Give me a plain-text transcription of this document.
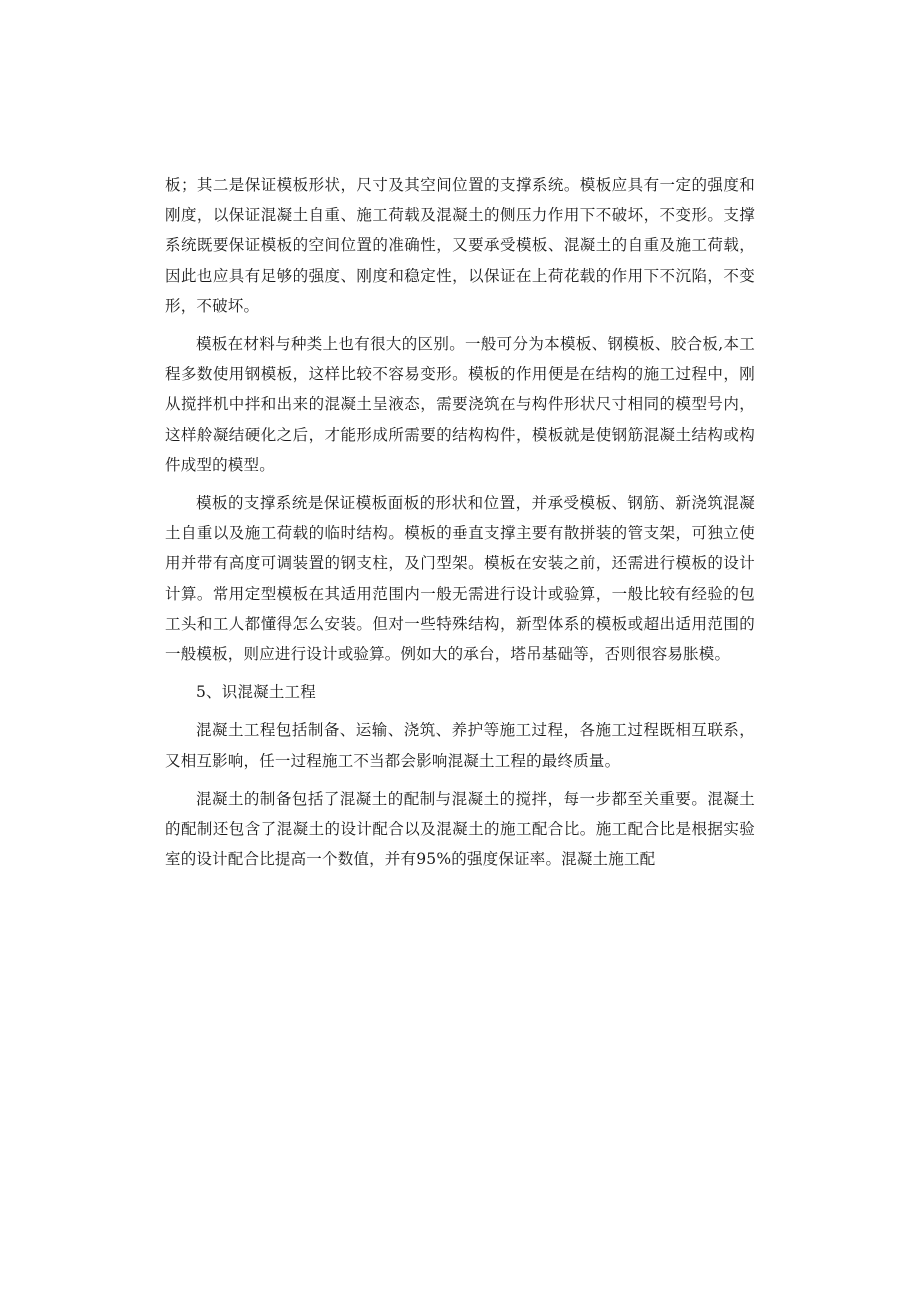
板；其二是保证模板形状，尺寸及其空间位置的支撑系统。模板应具有一定的强度和刚度，以保证混凝土自重、施工荷载及混凝土的侧压力作用下不破坏，不变形。支撑系统既要保证模板的空间位置的准确性，又要承受模板、混凝土的自重及施工荷载，因此也应具有足够的强度、刚度和稳定性，以保证在上荷花载的作用下不沉陷，不变形，不破坏。

模板在材料与种类上也有很大的区别。一般可分为本模板、钢模板、胶合板,本工程多数使用钢模板，这样比较不容易变形。模板的作用便是在结构的施工过程中，刚从搅拌机中拌和出来的混凝土呈液态，需要浇筑在与构件形状尺寸相同的模型号内，这样舲凝结硬化之后，才能形成所需要的结构构件，模板就是使钢筋混凝土结构或构件成型的模型。

模板的支撑系统是保证模板面板的形状和位置，并承受模板、钢筋、新浇筑混凝土自重以及施工荷载的临时结构。模板的垂直支撑主要有散拼装的管支架，可独立使用并带有高度可调装置的钢支柱，及门型架。模板在安装之前，还需进行模板的设计计算。常用定型模板在其适用范围内一般无需进行设计或验算，一般比较有经验的包工头和工人都懂得怎么安装。但对一些特殊结构，新型体系的模板或超出适用范围的一般模板，则应进行设计或验算。例如大的承台，塔吊基础等，否则很容易胀模。

5、识混凝土工程

混凝土工程包括制备、运输、浇筑、养护等施工过程，各施工过程既相互联系，又相互影响，任一过程施工不当都会影响混凝土工程的最终质量。

混凝土的制备包括了混凝土的配制与混凝土的搅拌，每一步都至关重要。混凝土的配制还包含了混凝土的设计配合以及混凝土的施工配合比。施工配合比是根据实验室的设计配合比提高一个数值，并有95%的强度保证率。混凝土施工配
